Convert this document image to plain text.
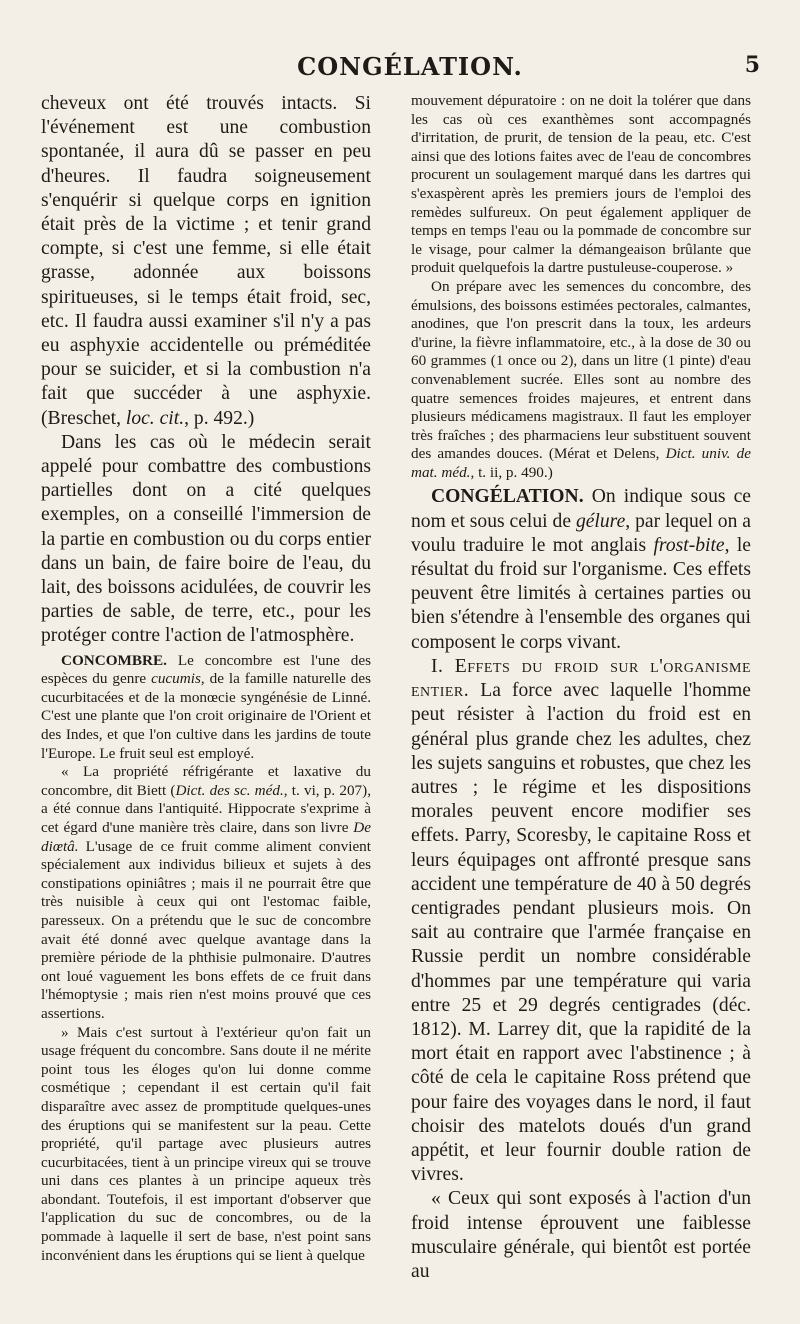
CONGÉLATION.	5

cheveux ont été trouvés intacts. Si l'événement est une combustion spontanée, il aura dû se passer en peu d'heures. Il faudra soigneusement s'enquérir si quelque corps en ignition était près de la victime ; et tenir grand compte, si c'est une femme, si elle était grasse, adonnée aux boissons spiritueuses, si le temps était froid, sec, etc. Il faudra aussi examiner s'il n'y a pas eu asphyxie accidentelle ou préméditée pour se suicider, et si la combustion n'a fait que succéder à une asphyxie. (Breschet, loc. cit., p. 492.)

Dans les cas où le médecin serait appelé pour combattre des combustions partielles dont on a cité quelques exemples, on a conseillé l'immersion de la partie en combustion ou du corps entier dans un bain, de faire boire de l'eau, du lait, des boissons acidulées, de couvrir les parties de sable, de terre, etc., pour les protéger contre l'action de l'atmosphère.

CONCOMBRE. Le concombre est l'une des espèces du genre cucumis, de la famille naturelle des cucurbitacées et de la monœcie syngénésie de Linné. C'est une plante que l'on croit originaire de l'Orient et des Indes, et que l'on cultive dans les jardins de toute l'Europe. Le fruit seul est employé.

« La propriété réfrigérante et laxative du concombre, dit Biett (Dict. des sc. méd., t. vi, p. 207), a été connue dans l'antiquité. Hippocrate s'exprime à cet égard d'une manière très claire, dans son livre De diœtâ. L'usage de ce fruit comme aliment convient spécialement aux individus bilieux et sujets à des constipations opiniâtres ; mais il ne pourrait être que très nuisible à ceux qui ont l'estomac faible, paresseux. On a prétendu que le suc de concombre avait été donné avec quelque avantage dans la première période de la phthisie pulmonaire. D'autres ont loué vaguement les bons effets de ce fruit dans l'hémoptysie ; mais rien n'est moins prouvé que ces assertions.

» Mais c'est surtout à l'extérieur qu'on fait un usage fréquent du concombre. Sans doute il ne mérite point tous les éloges qu'on lui donne comme cosmétique ; cependant il est certain qu'il fait disparaître avec assez de promptitude quelques-unes des éruptions qui se manifestent sur la peau. Cette propriété, qu'il partage avec plusieurs autres cucurbitacées, tient à un principe vireux qui se trouve uni dans ces plantes à un principe aqueux très abondant. Toutefois, il est important d'observer que l'application du suc de concombres, ou de la pommade à laquelle il sert de base, n'est point sans inconvénient dans les éruptions qui se lient à quelque

mouvement dépuratoire : on ne doit la tolérer que dans les cas où ces exanthèmes sont accompagnés d'irritation, de prurit, de tension de la peau, etc. C'est ainsi que des lotions faites avec de l'eau de concombres procurent un soulagement marqué dans les dartres qui s'exaspèrent après les premiers jours de l'emploi des remèdes sulfureux. On peut également appliquer de temps en temps l'eau ou la pommade de concombre sur le visage, pour calmer la démangeaison brûlante que produit quelquefois la dartre pustuleuse-couperose. »

On prépare avec les semences du concombre, des émulsions, des boissons estimées pectorales, calmantes, anodines, que l'on prescrit dans la toux, les ardeurs d'urine, la fièvre inflammatoire, etc., à la dose de 30 ou 60 grammes (1 once ou 2), dans un litre (1 pinte) d'eau convenablement sucrée. Elles sont au nombre des quatre semences froides majeures, et entrent dans plusieurs médicamens magistraux. Il faut les employer très fraîches ; des pharmaciens leur substituent souvent des amandes douces. (Mérat et Delens, Dict. univ. de mat. méd., t. ii, p. 490.)

CONGÉLATION. On indique sous ce nom et sous celui de gélure, par lequel on a voulu traduire le mot anglais frost-bite, le résultat du froid sur l'organisme. Ces effets peuvent être limités à certaines parties ou bien s'étendre à l'ensemble des organes qui composent le corps vivant.

I. Effets du froid sur l'organisme entier. La force avec laquelle l'homme peut résister à l'action du froid est en général plus grande chez les adultes, chez les sujets sanguins et robustes, que chez les autres ; le régime et les dispositions morales peuvent encore modifier ses effets. Parry, Scoresby, le capitaine Ross et leurs équipages ont affronté presque sans accident une température de 40 à 50 degrés centigrades pendant plusieurs mois. On sait au contraire que l'armée française en Russie perdit un nombre considérable d'hommes par une température qui varia entre 25 et 29 degrés centigrades (déc. 1812). M. Larrey dit, que la rapidité de la mort était en rapport avec l'abstinence ; à côté de cela le capitaine Ross prétend que pour faire des voyages dans le nord, il faut choisir des matelots doués d'un grand appétit, et leur fournir double ration de vivres.

« Ceux qui sont exposés à l'action d'un froid intense éprouvent une faiblesse musculaire générale, qui bientôt est portée au
